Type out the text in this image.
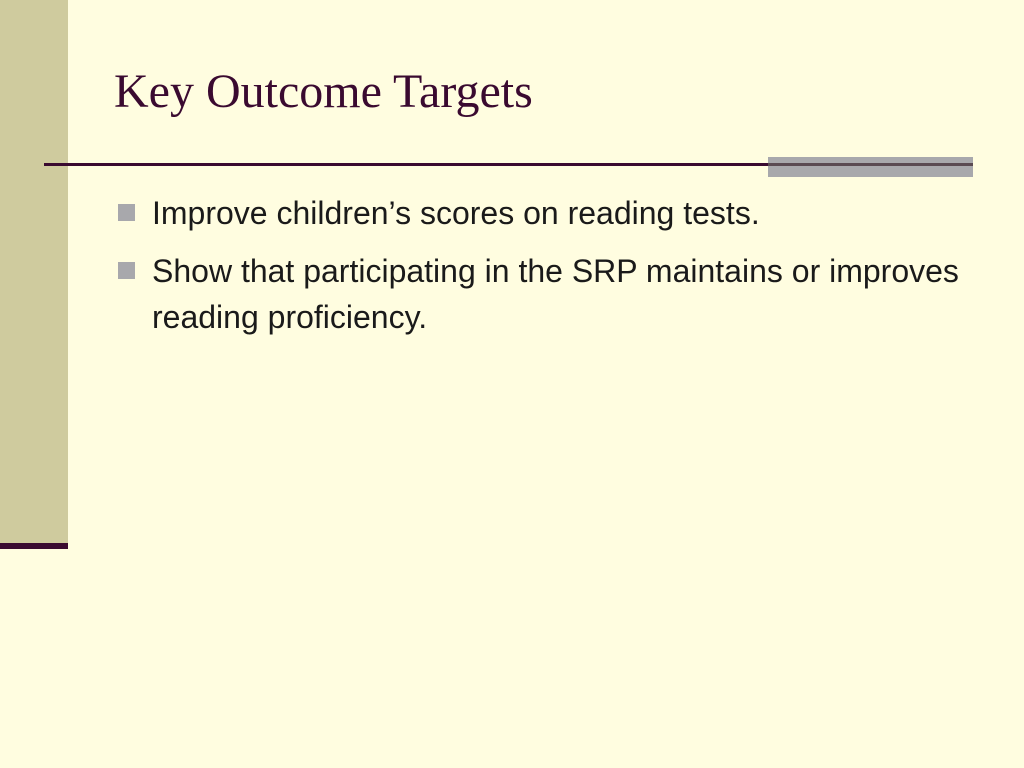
Key Outcome Targets
Improve children’s scores on reading tests.
Show that participating in the SRP maintains or improves reading proficiency.
